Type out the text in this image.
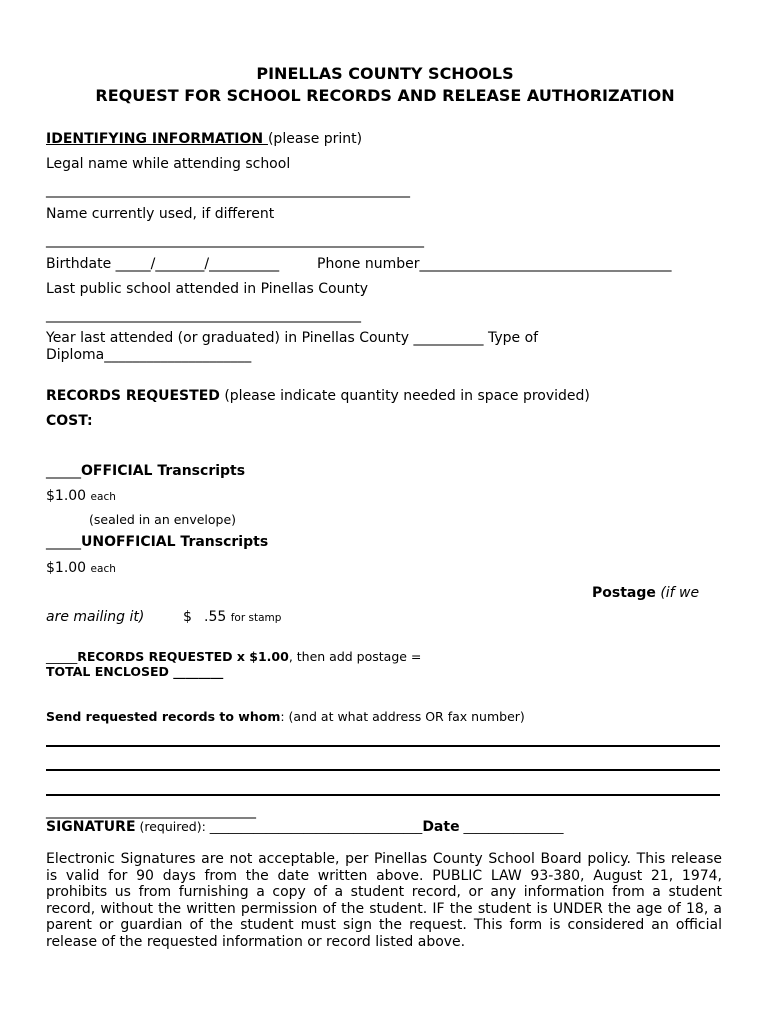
PINELLAS COUNTY SCHOOLS
REQUEST FOR SCHOOL RECORDS AND RELEASE AUTHORIZATION
IDENTIFYING INFORMATION (please print)
Legal name while attending school
____________________________________________________
Name currently used, if different
______________________________________________________
Birthdate _____/_______/__________	Phone number____________________________________
Last public school attended in Pinellas County
_____________________________________________
Year last attended (or graduated) in Pinellas County __________ Type of
Diploma_____________________
RECORDS REQUESTED (please indicate quantity needed in space provided)
COST:
_____OFFICIAL Transcripts
$1.00 each
(sealed in an envelope)
_____UNOFFICIAL Transcripts
$1.00 each
Postage (if we
are mailing it)	$ .55 for stamp
_____RECORDS REQUESTED x $1.00, then add postage =
TOTAL ENCLOSED ________
Send requested records to whom: (and at what address OR fax number)
______________________________
SIGNATURE (required): __________________________________Date ________________
Electronic Signatures are not acceptable, per Pinellas County School Board policy. This release is valid for 90 days from the date written above. PUBLIC LAW 93-380, August 21, 1974, prohibits us from furnishing a copy of a student record, or any information from a student record, without the written permission of the student. IF the student is UNDER the age of 18, a parent or guardian of the student must sign the request. This form is considered an official release of the requested information or record listed above.
